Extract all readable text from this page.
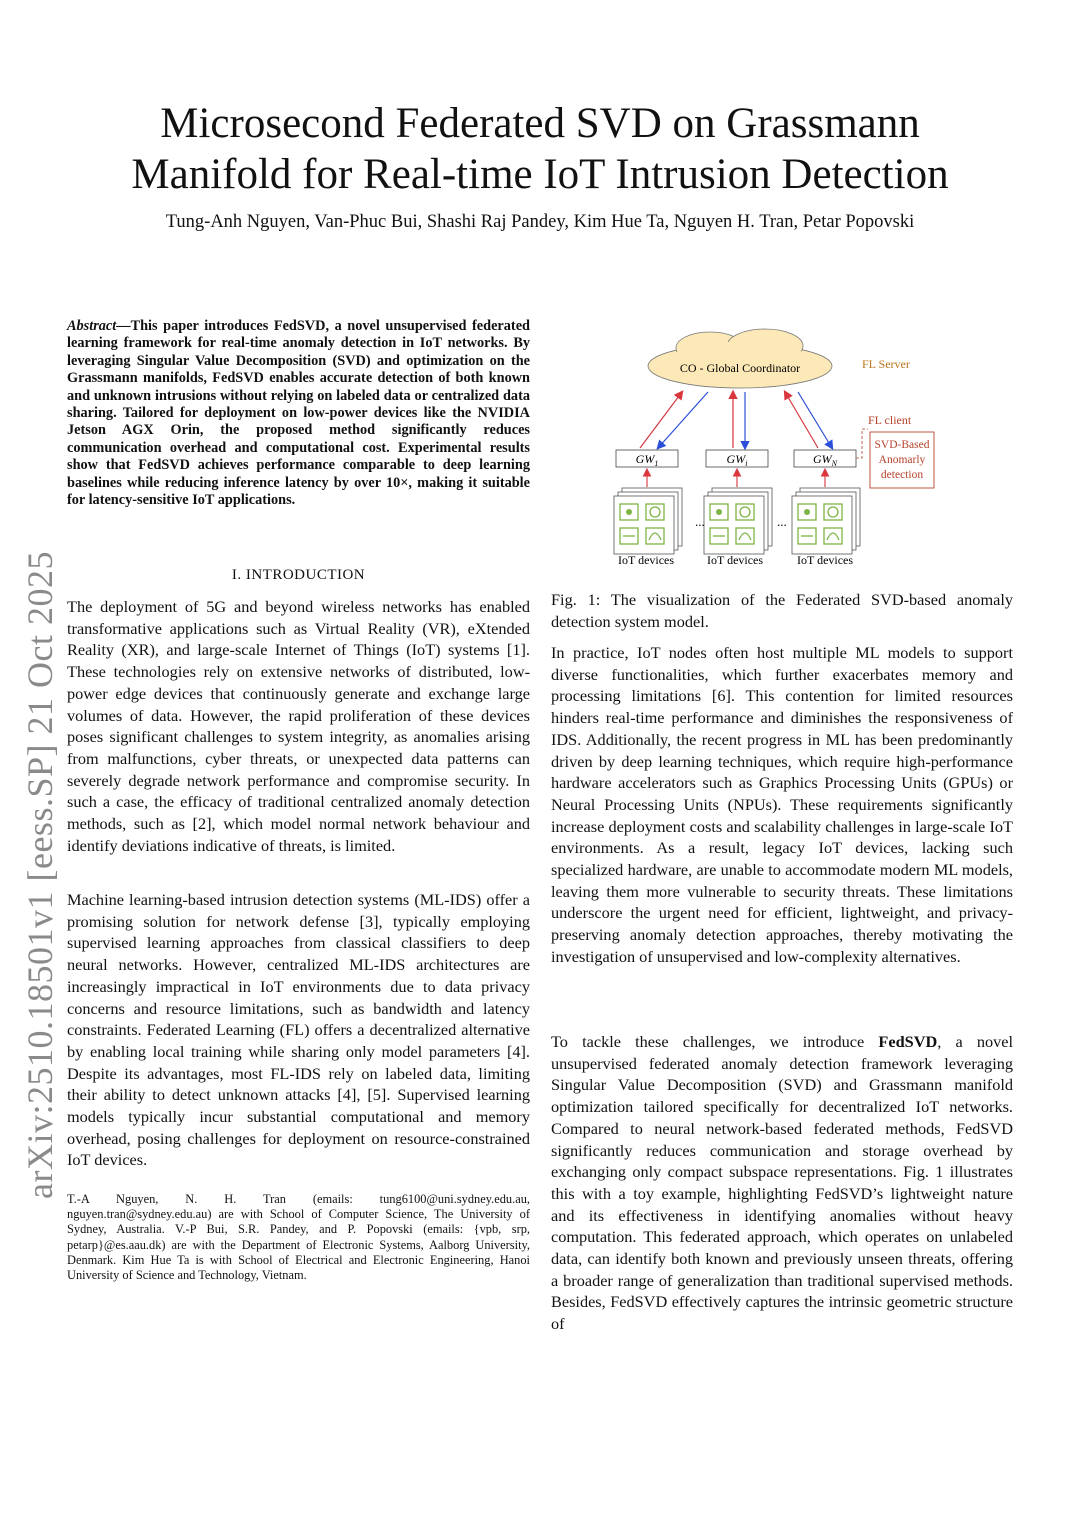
Microsecond Federated SVD on Grassmann
Manifold for Real-time IoT Intrusion Detection
Tung-Anh Nguyen, Van-Phuc Bui, Shashi Raj Pandey, Kim Hue Ta, Nguyen H. Tran, Petar Popovski
arXiv:2510.18501v1 [eess.SP] 21 Oct 2025
Abstract—This paper introduces FedSVD, a novel unsupervised federated learning framework for real-time anomaly detection in IoT networks. By leveraging Singular Value Decomposition (SVD) and optimization on the Grassmann manifolds, FedSVD enables accurate detection of both known and unknown intrusions without relying on labeled data or centralized data sharing. Tailored for deployment on low-power devices like the NVIDIA Jetson AGX Orin, the proposed method significantly reduces communication overhead and computational cost. Experimental results show that FedSVD achieves performance comparable to deep learning baselines while reducing inference latency by over 10×, making it suitable for latency-sensitive IoT applications.
I. INTRODUCTION

The deployment of 5G and beyond wireless networks has enabled transformative applications such as Virtual Reality (VR), eXtended Reality (XR), and large-scale Internet of Things (IoT) systems [1]. These technologies rely on extensive networks of distributed, low-power edge devices that continuously generate and exchange large volumes of data. However, the rapid proliferation of these devices poses significant challenges to system integrity, as anomalies arising from malfunctions, cyber threats, or unexpected data patterns can severely degrade network performance and compromise security. In such a case, the efficacy of traditional centralized anomaly detection methods, such as [2], which model normal network behaviour and identify deviations indicative of threats, is limited.

Machine learning-based intrusion detection systems (ML-IDS) offer a promising solution for network defense [3], typically employing supervised learning approaches from classical classifiers to deep neural networks. However, centralized ML-IDS architectures are increasingly impractical in IoT environments due to data privacy concerns and resource limitations, such as bandwidth and latency constraints. Federated Learning (FL) offers a decentralized alternative by enabling local training while sharing only model parameters [4]. Despite its advantages, most FL-IDS rely on labeled data, limiting their ability to detect unknown attacks [4], [5]. Supervised learning models typically incur substantial computational and memory overhead, posing challenges for deployment on resource-constrained IoT devices.

T.-A Nguyen, N. H. Tran (emails: tung6100@uni.sydney.edu.au, nguyen.tran@sydney.edu.au) are with School of Computer Science, The University of Sydney, Australia. V.-P Bui, S.R. Pandey, and P. Popovski (emails: {vpb, srp, petarp}@es.aau.dk) are with the Department of Electronic Systems, Aalborg University, Denmark. Kim Hue Ta is with School of Electrical and Electronic Engineering, Hanoi University of Science and Technology, Vietnam.
CO - Global Coordinator	FL Server
FL client
$GW_1$	$GW_i$	$GW_N$
SVD-Based
Anomarly
detection
...	...
IoT devices	IoT devices	IoT devices
Fig. 1: The visualization of the Federated SVD-based anomaly detection system model.

In practice, IoT nodes often host multiple ML models to support diverse functionalities, which further exacerbates memory and processing limitations [6]. This contention for limited resources hinders real-time performance and diminishes the responsiveness of IDS. Additionally, the recent progress in ML has been predominantly driven by deep learning techniques, which require high-performance hardware accelerators such as Graphics Processing Units (GPUs) or Neural Processing Units (NPUs). These requirements significantly increase deployment costs and scalability challenges in large-scale IoT environments. As a result, legacy IoT devices, lacking such specialized hardware, are unable to accommodate modern ML models, leaving them more vulnerable to security threats. These limitations underscore the urgent need for efficient, lightweight, and privacy-preserving anomaly detection approaches, thereby motivating the investigation of unsupervised and low-complexity alternatives.

To tackle these challenges, we introduce FedSVD, a novel unsupervised federated anomaly detection framework leveraging Singular Value Decomposition (SVD) and Grassmann manifold optimization tailored specifically for decentralized IoT networks. Compared to neural network-based federated methods, FedSVD significantly reduces communication and storage overhead by exchanging only compact subspace representations. Fig. 1 illustrates this with a toy example, highlighting FedSVD’s lightweight nature and its effectiveness in identifying anomalies without heavy computation. This federated approach, which operates on unlabeled data, can identify both known and previously unseen threats, offering a broader range of generalization than traditional supervised methods. Besides, FedSVD effectively captures the intrinsic geometric structure of
